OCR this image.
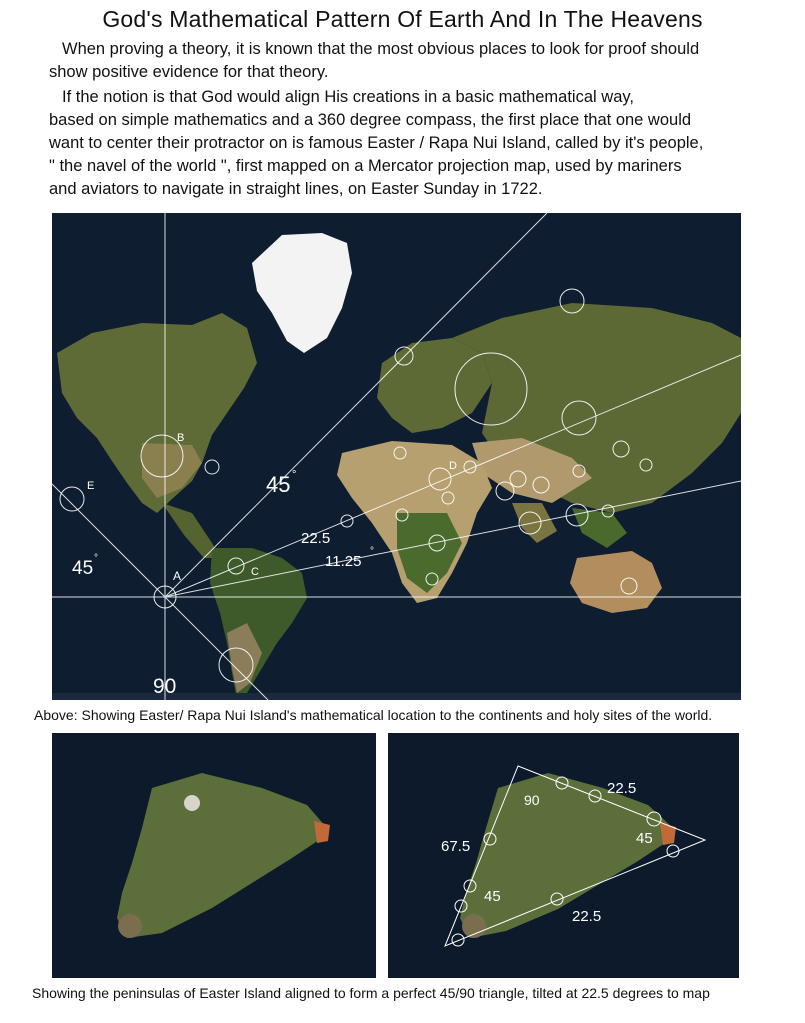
God's Mathematical Pattern Of Earth And In The Heavens
When proving a theory, it is known that the most obvious places to look for proof should
show positive evidence for that theory.
If the notion is that God would align His creations in a basic mathematical way,
based on simple mathematics and a 360 degree compass, the first place that one would
want to center their protractor on is famous Easter / Rapa Nui Island, called by it's people,
" the navel of the world ", first mapped on a Mercator projection map, used by mariners
and aviators to navigate in straight lines, on Easter Sunday in 1722.
A
B
C
D
E	45 °
45 °
22.5
11.25
°
90
Above: Showing Easter/ Rapa Nui Island's mathematical location to the continents and holy sites of the world.
22.5
90
45
67.5
45
22.5
Showing the peninsulas of Easter Island aligned to form a perfect 45/90 triangle, tilted at 22.5 degrees to map
